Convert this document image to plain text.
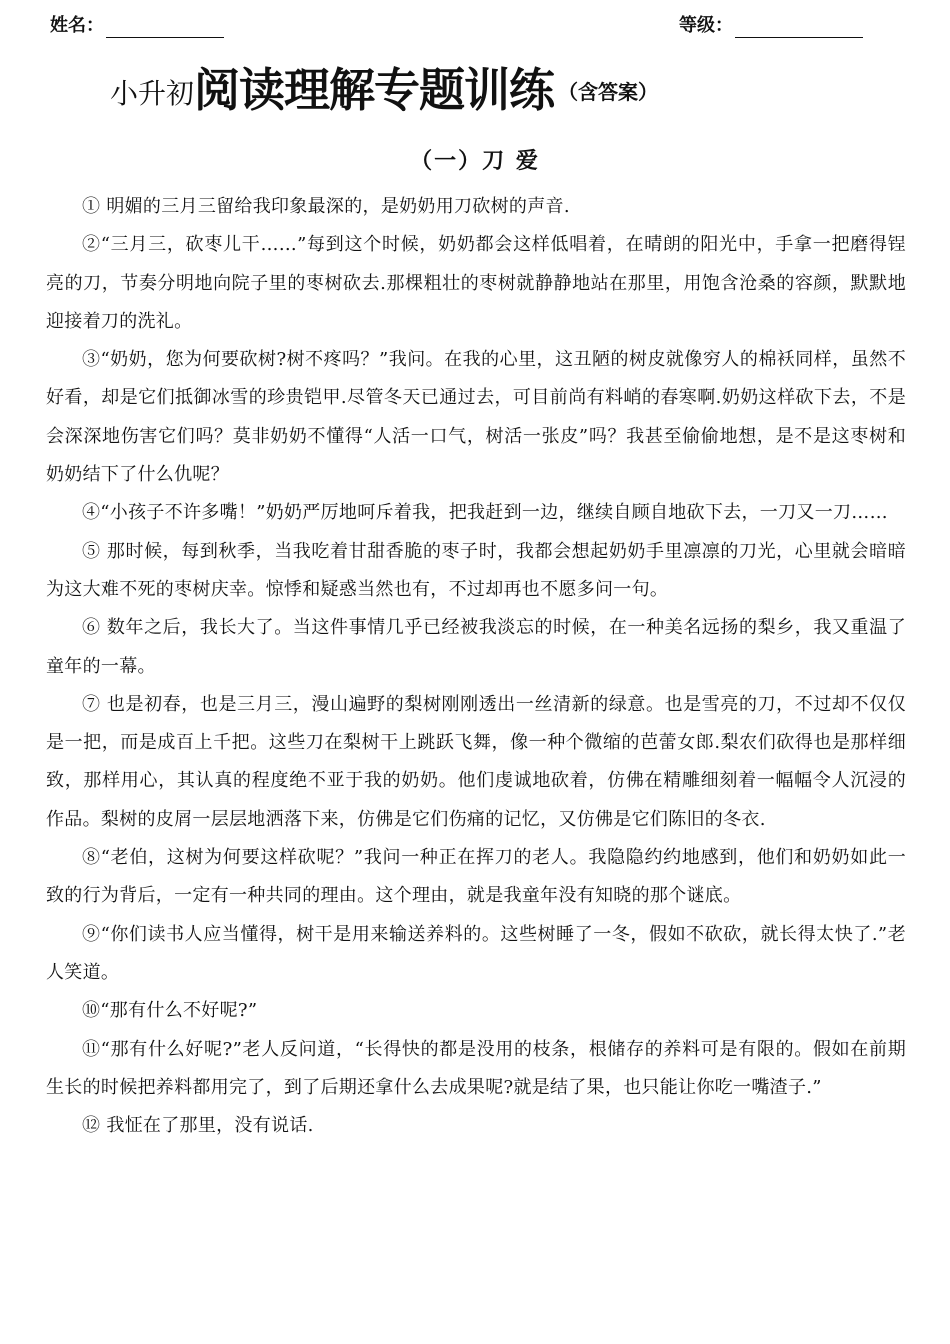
姓名：	等级：
小升初 阅读理解专题训练 （含答案）
（一）刀 爱

① 明媚的三月三留给我印象最深的，是奶奶用刀砍树的声音.

②“三月三，砍枣儿干……”每到这个时候，奶奶都会这样低唱着，在晴朗的阳光中，手拿一把磨得锃亮的刀，节奏分明地向院子里的枣树砍去.那棵粗壮的枣树就静静地站在那里，用饱含沧桑的容颜，默默地迎接着刀的洗礼。

③“奶奶，您为何要砍树?树不疼吗？”我问。在我的心里，这丑陋的树皮就像穷人的棉袄同样，虽然不好看，却是它们抵御冰雪的珍贵铠甲.尽管冬天已通过去，可目前尚有料峭的春寒啊.奶奶这样砍下去，不是会深深地伤害它们吗？莫非奶奶不懂得“人活一口气，树活一张皮”吗？我甚至偷偷地想，是不是这枣树和奶奶结下了什么仇呢？

④“小孩子不许多嘴！”奶奶严厉地呵斥着我，把我赶到一边，继续自顾自地砍下去，一刀又一刀……

⑤ 那时候，每到秋季，当我吃着甘甜香脆的枣子时，我都会想起奶奶手里凛凛的刀光，心里就会暗暗为这大难不死的枣树庆幸。惊悸和疑惑当然也有，不过却再也不愿多问一句。

⑥ 数年之后，我长大了。当这件事情几乎已经被我淡忘的时候，在一种美名远扬的梨乡，我又重温了童年的一幕。

⑦ 也是初春，也是三月三，漫山遍野的梨树刚刚透出一丝清新的绿意。也是雪亮的刀，不过却不仅仅是一把，而是成百上千把。这些刀在梨树干上跳跃飞舞，像一种个微缩的芭蕾女郎.梨农们砍得也是那样细致，那样用心，其认真的程度绝不亚于我的奶奶。他们虔诚地砍着，仿佛在精雕细刻着一幅幅令人沉浸的作品。梨树的皮屑一层层地洒落下来，仿佛是它们伤痛的记忆，又仿佛是它们陈旧的冬衣.

⑧“老伯，这树为何要这样砍呢？”我问一种正在挥刀的老人。我隐隐约约地感到，他们和奶奶如此一致的行为背后，一定有一种共同的理由。这个理由，就是我童年没有知晓的那个谜底。

⑨“你们读书人应当懂得，树干是用来输送养料的。这些树睡了一冬，假如不砍砍，就长得太快了.”老人笑道。

⑩“那有什么不好呢?”

⑪“那有什么好呢?”老人反问道，“长得快的都是没用的枝条，根储存的养料可是有限的。假如在前期生长的时候把养料都用完了，到了后期还拿什么去成果呢?就是结了果，也只能让你吃一嘴渣子.”

⑫ 我怔在了那里，没有说话.
